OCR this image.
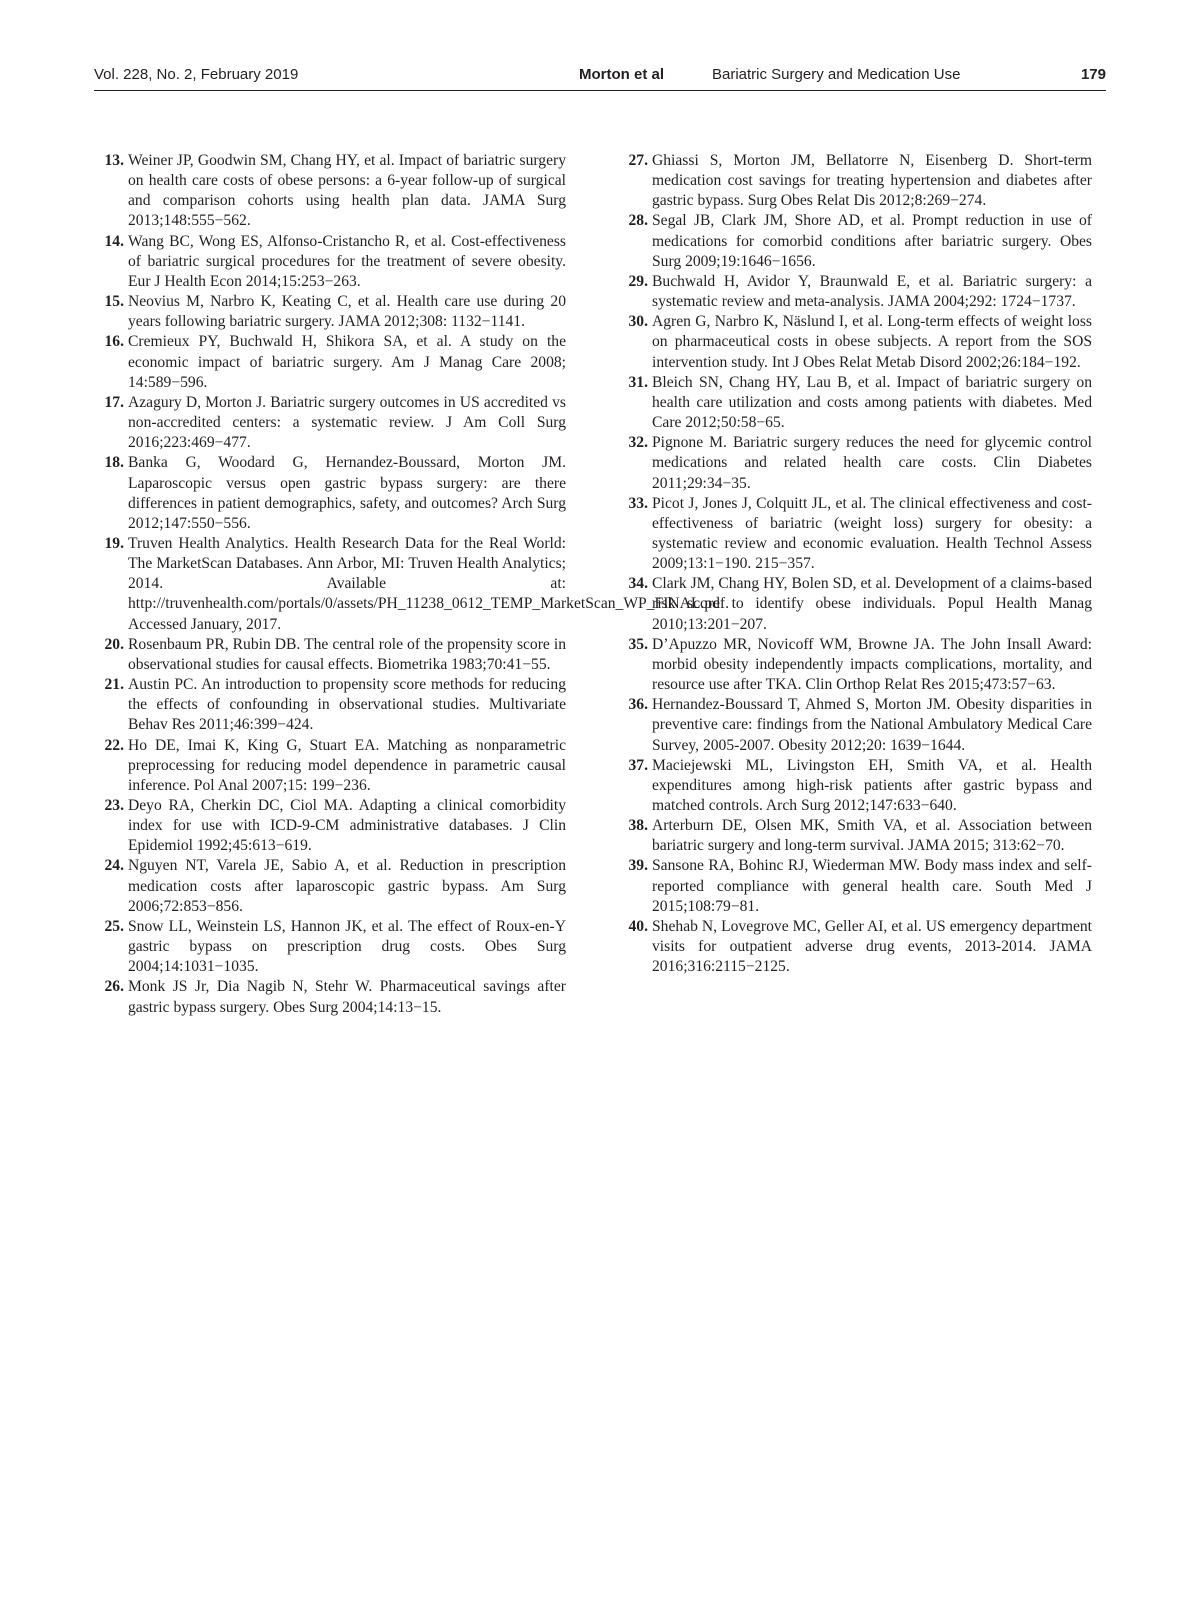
Vol. 228, No. 2, February 2019	Morton et al	Bariatric Surgery and Medication Use	179
13. Weiner JP, Goodwin SM, Chang HY, et al. Impact of bariatric surgery on health care costs of obese persons: a 6-year follow-up of surgical and comparison cohorts using health plan data. JAMA Surg 2013;148:555−562.
14. Wang BC, Wong ES, Alfonso-Cristancho R, et al. Cost-effectiveness of bariatric surgical procedures for the treatment of severe obesity. Eur J Health Econ 2014;15:253−263.
15. Neovius M, Narbro K, Keating C, et al. Health care use during 20 years following bariatric surgery. JAMA 2012;308: 1132−1141.
16. Cremieux PY, Buchwald H, Shikora SA, et al. A study on the economic impact of bariatric surgery. Am J Manag Care 2008; 14:589−596.
17. Azagury D, Morton J. Bariatric surgery outcomes in US accredited vs non-accredited centers: a systematic review. J Am Coll Surg 2016;223:469−477.
18. Banka G, Woodard G, Hernandez-Boussard, Morton JM. Laparoscopic versus open gastric bypass surgery: are there differences in patient demographics, safety, and outcomes? Arch Surg 2012;147:550−556.
19. Truven Health Analytics. Health Research Data for the Real World: The MarketScan Databases. Ann Arbor, MI: Truven Health Analytics; 2014. Available at: http://truvenhealth.com/portals/0/assets/PH_11238_0612_TEMP_MarketScan_WP_FINAL.pdf. Accessed January, 2017.
20. Rosenbaum PR, Rubin DB. The central role of the propensity score in observational studies for causal effects. Biometrika 1983;70:41−55.
21. Austin PC. An introduction to propensity score methods for reducing the effects of confounding in observational studies. Multivariate Behav Res 2011;46:399−424.
22. Ho DE, Imai K, King G, Stuart EA. Matching as nonparametric preprocessing for reducing model dependence in parametric causal inference. Pol Anal 2007;15: 199−236.
23. Deyo RA, Cherkin DC, Ciol MA. Adapting a clinical comorbidity index for use with ICD-9-CM administrative databases. J Clin Epidemiol 1992;45:613−619.
24. Nguyen NT, Varela JE, Sabio A, et al. Reduction in prescription medication costs after laparoscopic gastric bypass. Am Surg 2006;72:853−856.
25. Snow LL, Weinstein LS, Hannon JK, et al. The effect of Roux-en-Y gastric bypass on prescription drug costs. Obes Surg 2004;14:1031−1035.
26. Monk JS Jr, Dia Nagib N, Stehr W. Pharmaceutical savings after gastric bypass surgery. Obes Surg 2004;14:13−15.
27. Ghiassi S, Morton JM, Bellatorre N, Eisenberg D. Short-term medication cost savings for treating hypertension and diabetes after gastric bypass. Surg Obes Relat Dis 2012;8:269−274.
28. Segal JB, Clark JM, Shore AD, et al. Prompt reduction in use of medications for comorbid conditions after bariatric surgery. Obes Surg 2009;19:1646−1656.
29. Buchwald H, Avidor Y, Braunwald E, et al. Bariatric surgery: a systematic review and meta-analysis. JAMA 2004;292: 1724−1737.
30. Agren G, Narbro K, Näslund I, et al. Long-term effects of weight loss on pharmaceutical costs in obese subjects. A report from the SOS intervention study. Int J Obes Relat Metab Disord 2002;26:184−192.
31. Bleich SN, Chang HY, Lau B, et al. Impact of bariatric surgery on health care utilization and costs among patients with diabetes. Med Care 2012;50:58−65.
32. Pignone M. Bariatric surgery reduces the need for glycemic control medications and related health care costs. Clin Diabetes 2011;29:34−35.
33. Picot J, Jones J, Colquitt JL, et al. The clinical effectiveness and cost-effectiveness of bariatric (weight loss) surgery for obesity: a systematic review and economic evaluation. Health Technol Assess 2009;13:1−190. 215−357.
34. Clark JM, Chang HY, Bolen SD, et al. Development of a claims-based risk score to identify obese individuals. Popul Health Manag 2010;13:201−207.
35. D’Apuzzo MR, Novicoff WM, Browne JA. The John Insall Award: morbid obesity independently impacts complications, mortality, and resource use after TKA. Clin Orthop Relat Res 2015;473:57−63.
36. Hernandez-Boussard T, Ahmed S, Morton JM. Obesity disparities in preventive care: findings from the National Ambulatory Medical Care Survey, 2005-2007. Obesity 2012;20: 1639−1644.
37. Maciejewski ML, Livingston EH, Smith VA, et al. Health expenditures among high-risk patients after gastric bypass and matched controls. Arch Surg 2012;147:633−640.
38. Arterburn DE, Olsen MK, Smith VA, et al. Association between bariatric surgery and long-term survival. JAMA 2015; 313:62−70.
39. Sansone RA, Bohinc RJ, Wiederman MW. Body mass index and self-reported compliance with general health care. South Med J 2015;108:79−81.
40. Shehab N, Lovegrove MC, Geller AI, et al. US emergency department visits for outpatient adverse drug events, 2013-2014. JAMA 2016;316:2115−2125.
